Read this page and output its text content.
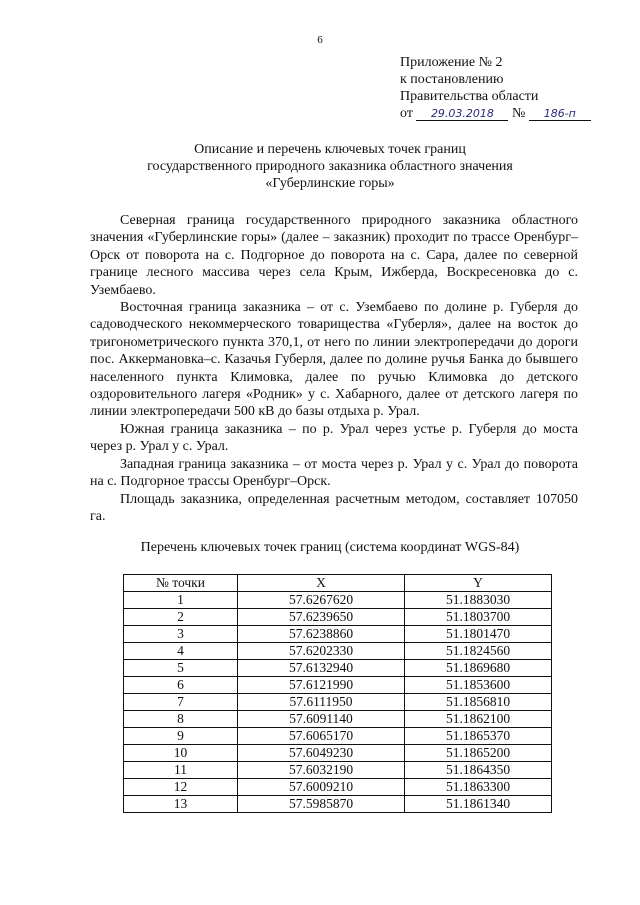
6
Приложение № 2
к постановлению
Правительства области
от 29.03.2018 № 186-п
Описание и перечень ключевых точек границ
государственного природного заказника областного значения
«Губерлинские горы»

Северная граница государственного природного заказника областного значения «Губерлинские горы» (далее – заказник) проходит по трассе Оренбург–Орск от поворота на с. Подгорное до поворота на с. Сара, далее по северной границе лесного массива через села Крым, Ижберда, Воскресеновка до с. Узембаево.

Восточная граница заказника – от с. Узембаево по долине р. Губерля до садоводческого некоммерческого товарищества «Губерля», далее на восток до тригонометрического пункта 370,1, от него по линии электропередачи до дороги пос. Аккермановка–с. Казачья Губерля, далее по долине ручья Банка до бывшего населенного пункта Климовка, далее по ручью Климовка до детского оздоровительного лагеря «Родник» у с. Хабарного, далее от детского лагеря по линии электропередачи 500 кВ до базы отдыха р. Урал.

Южная граница заказника – по р. Урал через устье р. Губерля до моста через р. Урал у с. Урал.

Западная граница заказника – от моста через р. Урал у с. Урал до поворота на с. Подгорное трассы Оренбург–Орск.

Площадь заказника, определенная расчетным методом, составляет 107050 га.

Перечень ключевых точек границ (система координат WGS-84)
№ точки	X	Y
1	57.6267620	51.1883030
2	57.6239650	51.1803700
3	57.6238860	51.1801470
4	57.6202330	51.1824560
5	57.6132940	51.1869680
6	57.6121990	51.1853600
7	57.6111950	51.1856810
8	57.6091140	51.1862100
9	57.6065170	51.1865370
10	57.6049230	51.1865200
11	57.6032190	51.1864350
12	57.6009210	51.1863300
13	57.5985870	51.1861340
